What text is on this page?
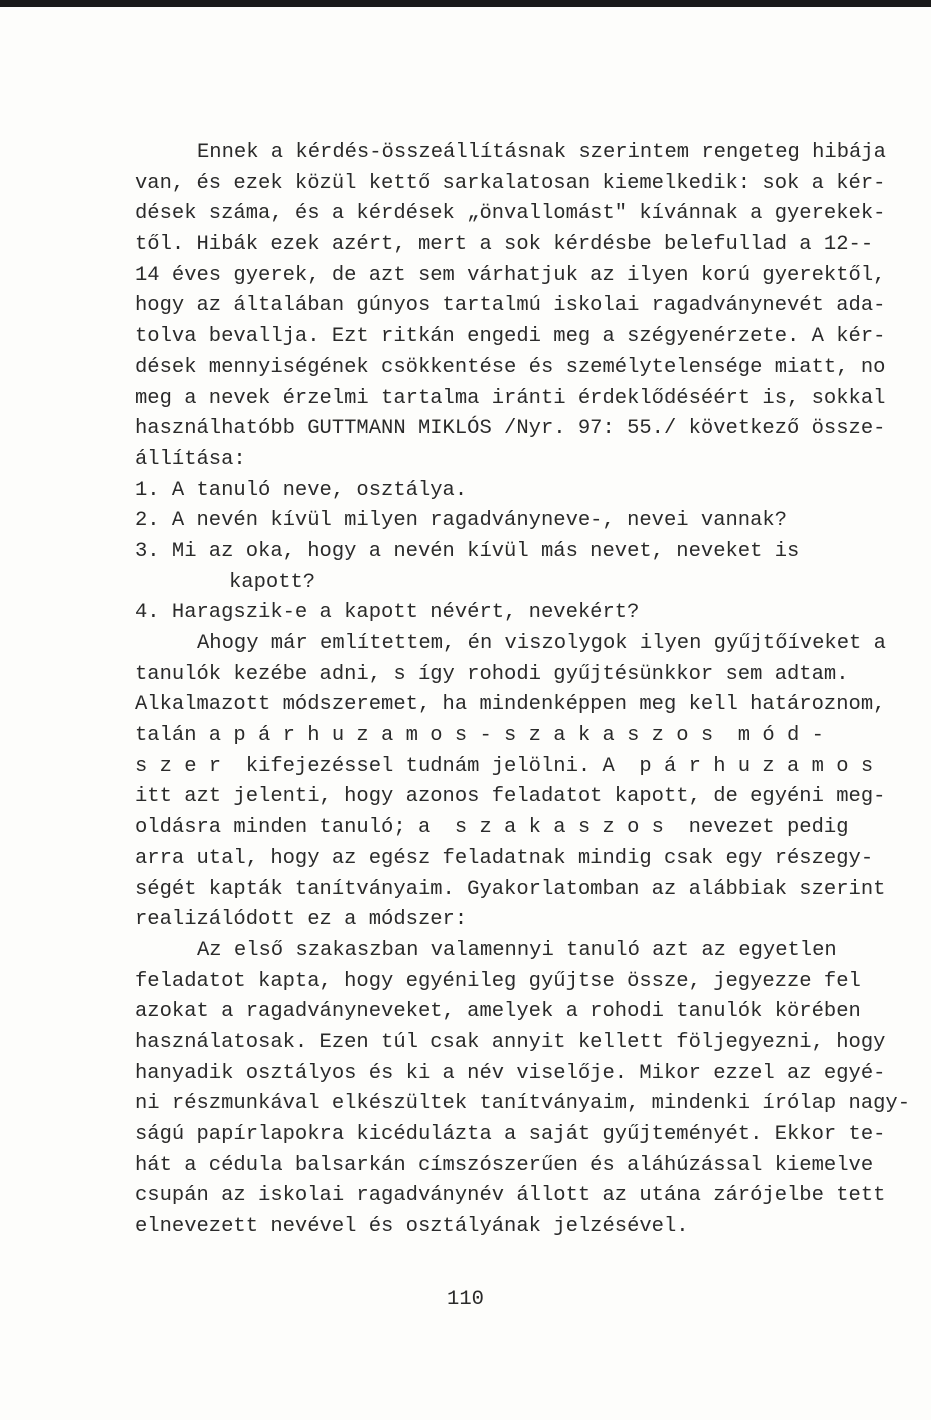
Ennek a kérdés-összeállításnak szerintem rengeteg hibája
van, és ezek közül kettő sarkalatosan kiemelkedik: sok a kér-
dések száma, és a kérdések „önvallomást" kívánnak a gyerekek-
től. Hibák ezek azért, mert a sok kérdésbe belefullad a 12--
14 éves gyerek, de azt sem várhatjuk az ilyen korú gyerektől,
hogy az általában gúnyos tartalmú iskolai ragadványnevét ada-
tolva bevallja. Ezt ritkán engedi meg a szégyenérzete. A kér-
dések mennyiségének csökkentése és személytelensége miatt, no
meg a nevek érzelmi tartalma iránti érdeklődéséért is, sokkal
használhatóbb GUTTMANN MIKLÓS /Nyr. 97: 55./ következő össze-
állítása:
1. A tanuló neve, osztálya.
2. A nevén kívül milyen ragadványneve-, nevei vannak?
3. Mi az oka, hogy a nevén kívül más nevet, neveket is
kapott?
4. Haragszik-e a kapott névért, nevekért?
Ahogy már említettem, én viszolygok ilyen gyűjtőíveket a
tanulók kezébe adni, s így rohodi gyűjtésünkkor sem adtam.
Alkalmazott módszeremet, ha mindenképpen meg kell határoznom,
talán a p á r h u z a m o s - s z a k a s z o s  m ó d -
s z e r  kifejezéssel tudnám jelölni. A  p á r h u z a m o s
itt azt jelenti, hogy azonos feladatot kapott, de egyéni meg-
oldásra minden tanuló; a  s z a k a s z o s  nevezet pedig
arra utal, hogy az egész feladatnak mindig csak egy részegy-
ségét kapták tanítványaim. Gyakorlatomban az alábbiak szerint
realizálódott ez a módszer:
Az első szakaszban valamennyi tanuló azt az egyetlen
feladatot kapta, hogy egyénileg gyűjtse össze, jegyezze fel
azokat a ragadványneveket, amelyek a rohodi tanulók körében
használatosak. Ezen túl csak annyit kellett följegyezni, hogy
hanyadik osztályos és ki a név viselője. Mikor ezzel az egyé-
ni részmunkával elkészültek tanítványaim, mindenki írólap nagy-
ságú papírlapokra kicédulázta a saját gyűjteményét. Ekkor te-
hát a cédula balsarkán címszószerűen és aláhúzással kiemelve
csupán az iskolai ragadványnév állott az utána zárójelbe tett
elnevezett nevével és osztályának jelzésével.
110
